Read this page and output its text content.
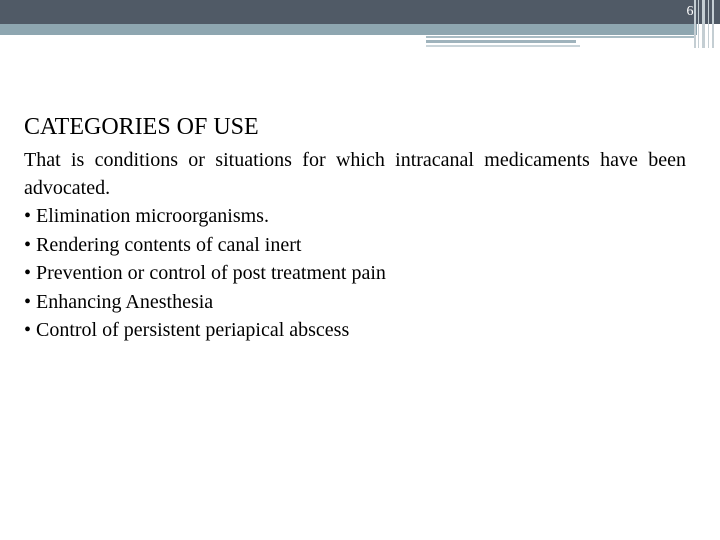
6
CATEGORIES OF USE

That is conditions or situations for which intracanal medicaments have been advocated.

• Elimination microorganisms.
• Rendering contents of canal inert
• Prevention or control of post treatment pain
• Enhancing Anesthesia
• Control of persistent periapical abscess
